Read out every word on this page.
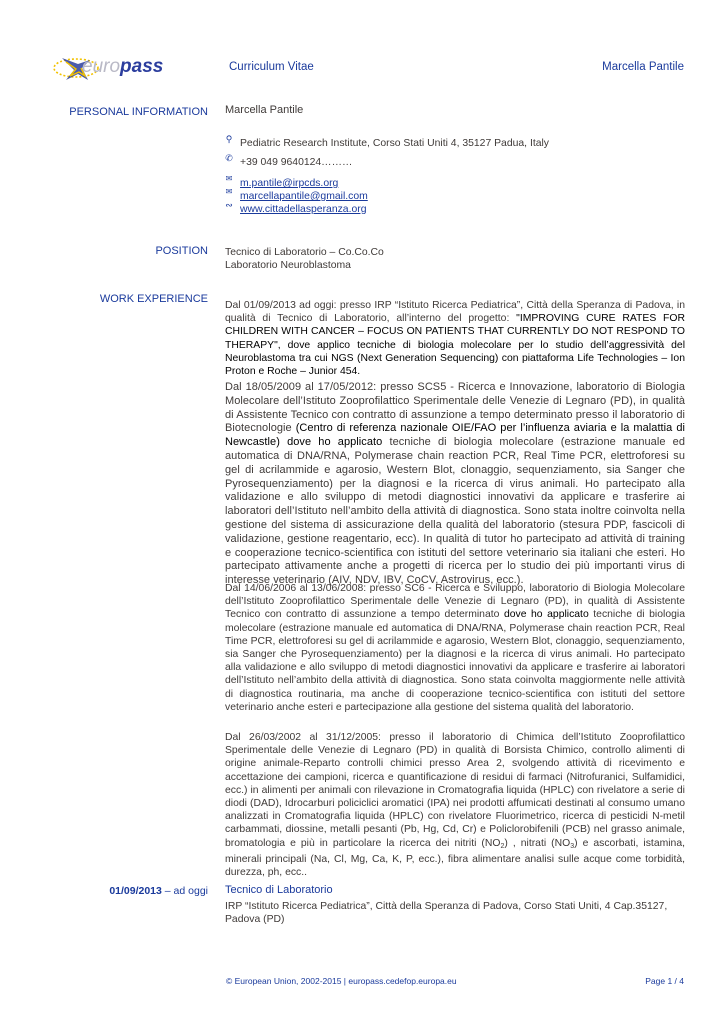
europass	Curriculum Vitae	Marcella Pantile
PERSONAL INFORMATION Marcella Pantile
⚲ Pediatric Research Institute, Corso Stati Uniti 4, 35127 Padua, Italy
✆ +39 049 9640124………
✉ m.pantile@irpcds.org
✉ marcellapantile@gmail.com
∾ www.cittadellasperanza.org
POSITION Tecnico di Laboratorio – Co.Co.Co
Laboratorio Neuroblastoma
WORK EXPERIENCE
Dal 01/09/2013 ad oggi: presso IRP “Istituto Ricerca Pediatrica”, Città della Speranza di Padova, in qualità di Tecnico di Laboratorio, all’interno del progetto: "IMPROVING CURE RATES FOR CHILDREN WITH CANCER – FOCUS ON PATIENTS THAT CURRENTLY DO NOT RESPOND TO THERAPY", dove applico tecniche di biologia molecolare per lo studio dell’aggressività del Neuroblastoma tra cui NGS (Next Generation Sequencing) con piattaforma Life Technologies – Ion Proton e Roche – Junior 454.
Dal 18/05/2009 al 17/05/2012: presso SCS5 - Ricerca e Innovazione, laboratorio di Biologia Molecolare dell’Istituto Zooprofilattico Sperimentale delle Venezie di Legnaro (PD), in qualità di Assistente Tecnico con contratto di assunzione a tempo determinato presso il laboratorio di Biotecnologie (Centro di referenza nazionale OIE/FAO per l’influenza aviaria e la malattia di Newcastle) dove ho applicato tecniche di biologia molecolare (estrazione manuale ed automatica di DNA/RNA, Polymerase chain reaction PCR, Real Time PCR, elettroforesi su gel di acrilammide e agarosio, Western Blot, clonaggio, sequenziamento, sia Sanger che Pyrosequenziamento) per la diagnosi e la ricerca di virus animali. Ho partecipato alla validazione e allo sviluppo di metodi diagnostici innovativi da applicare e trasferire ai laboratori dell’Istituto nell’ambito della attività di diagnostica. Sono stata inoltre coinvolta nella gestione del sistema di assicurazione della qualità del laboratorio (stesura PDP, fascicoli di validazione, gestione reagentario, ecc). In qualità di tutor ho partecipato ad attività di training e cooperazione tecnico-scientifica con istituti del settore veterinario sia italiani che esteri. Ho partecipato attivamente anche a progetti di ricerca per lo studio dei più importanti virus di interesse veterinario (AIV, NDV, IBV, CoCV, Astrovirus, ecc.).
Dal 14/06/2006 al 13/06/2008: presso SC6 - Ricerca e Sviluppo, laboratorio di Biologia Molecolare dell’Istituto Zooprofilattico Sperimentale delle Venezie di Legnaro (PD), in qualità di Assistente Tecnico con contratto di assunzione a tempo determinato dove ho applicato tecniche di biologia molecolare (estrazione manuale ed automatica di DNA/RNA, Polymerase chain reaction PCR, Real Time PCR, elettroforesi su gel di acrilammide e agarosio, Western Blot, clonaggio, sequenziamento, sia Sanger che Pyrosequenziamento) per la diagnosi e la ricerca di virus animali. Ho partecipato alla validazione e allo sviluppo di metodi diagnostici innovativi da applicare e trasferire ai laboratori dell’Istituto nell’ambito della attività di diagnostica. Sono stata coinvolta maggiormente nelle attività di diagnostica routinaria, ma anche di cooperazione tecnico-scientifica con istituti del settore veterinario anche esteri e partecipazione alla gestione del sistema qualità del laboratorio.
Dal 26/03/2002 al 31/12/2005: presso il laboratorio di Chimica dell’Istituto Zooprofilattico Sperimentale delle Venezie di Legnaro (PD) in qualità di Borsista Chimico, controllo alimenti di origine animale-Reparto controlli chimici presso Area 2, svolgendo attività di ricevimento e accettazione dei campioni, ricerca e quantificazione di residui di farmaci (Nitrofuranici, Sulfamidici, ecc.) in alimenti per animali con rilevazione in Cromatografia liquida (HPLC) con rivelatore a serie di diodi (DAD), Idrocarburi policiclici aromatici (IPA) nei prodotti affumicati destinati al consumo umano analizzati in Cromatografia liquida (HPLC) con rivelatore Fluorimetrico, ricerca di pesticidi N-metil carbammati, diossine, metalli pesanti (Pb, Hg, Cd, Cr) e Policlorobifenili (PCB) nel grasso animale, bromatologia e più in particolare la ricerca dei nitriti $(NO_2)$ , nitrati $(NO_3)$ e ascorbati, istamina, minerali principali (Na, Cl, Mg, Ca, K, P, ecc.), fibra alimentare analisi sulle acque come torbidità, durezza, ph, ecc..
01/09/2013 – ad oggi Tecnico di Laboratorio
IRP “Istituto Ricerca Pediatrica”, Città della Speranza di Padova, Corso Stati Uniti, 4 Cap.35127, Padova (PD)
© European Union, 2002-2015 | europass.cedefop.europa.eu	Page 1 / 4
